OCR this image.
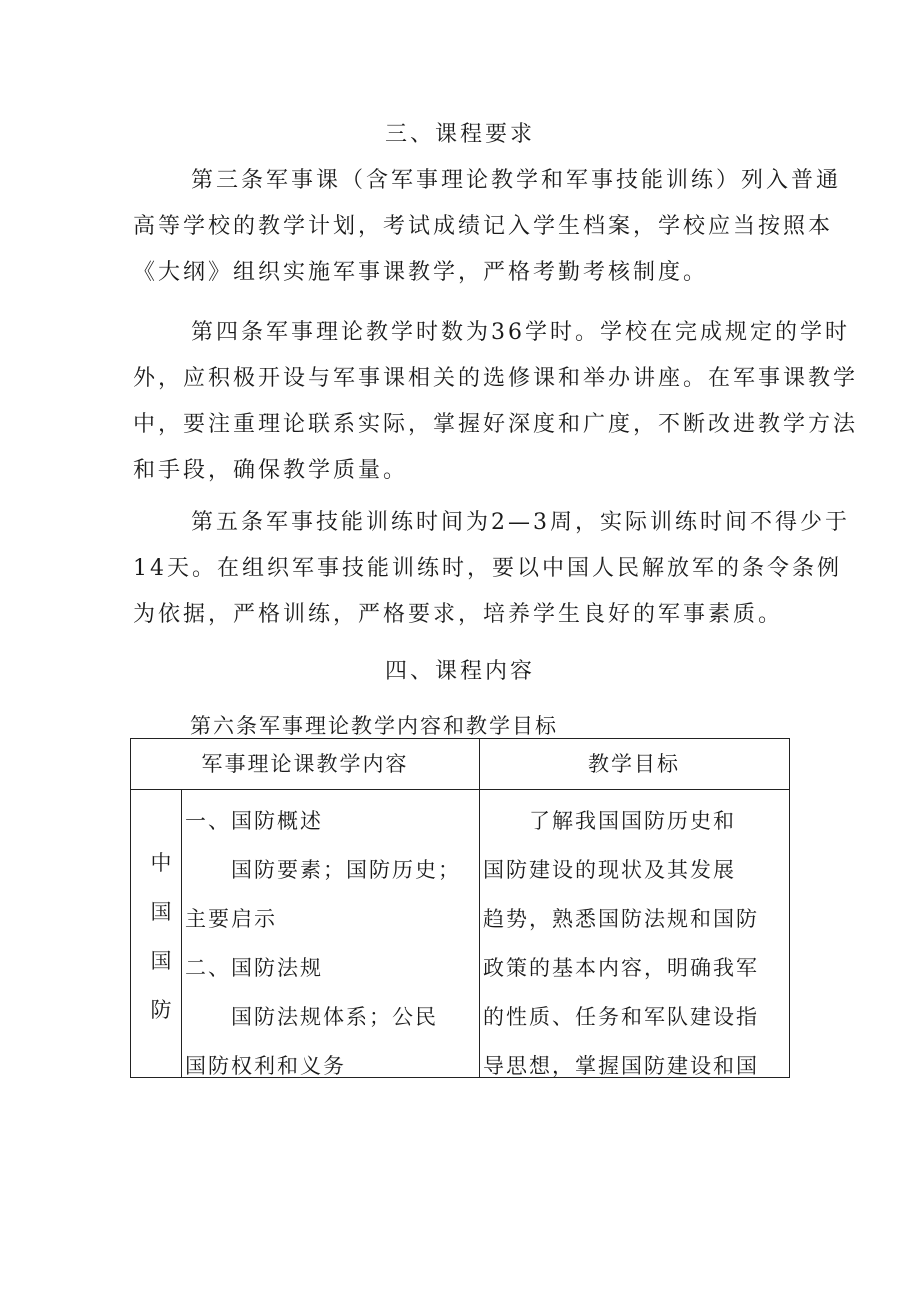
三、课程要求
第三条军事课（含军事理论教学和军事技能训练）列入普通
高等学校的教学计划，考试成绩记入学生档案，学校应当按照本
《大纲》组织实施军事课教学，严格考勤考核制度。
第四条军事理论教学时数为36学时。学校在完成规定的学时
外，应积极开设与军事课相关的选修课和举办讲座。在军事课教学
中，要注重理论联系实际，掌握好深度和广度，不断改进教学方法
和手段，确保教学质量。
第五条军事技能训练时间为2—3周，实际训练时间不得少于
14天。在组织军事技能训练时，要以中国人民解放军的条令条例
为依据，严格训练，严格要求，培养学生良好的军事素质。
四、课程内容
第六条军事理论教学内容和教学目标
军事理论课教学内容	教学目标
中
国
国
防
一、国防概述
　　国防要素；国防历史；
主要启示
二、国防法规
　　国防法规体系；公民
国防权利和义务
　　了解我国国防历史和
国防建设的现状及其发展
趋势，熟悉国防法规和国防
政策的基本内容，明确我军
的性质、任务和军队建设指
导思想，掌握国防建设和国
